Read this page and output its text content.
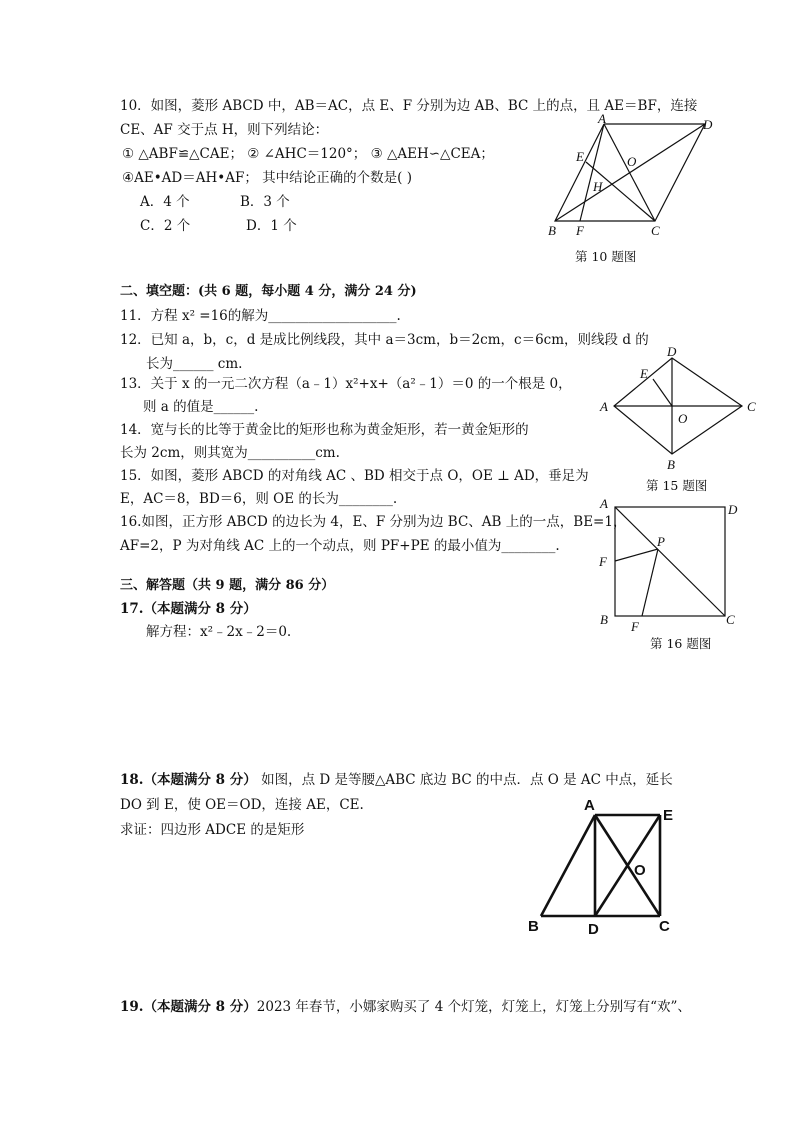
10．如图，菱形 ABCD 中，AB＝AC，点 E、F 分别为边 AB、BC 上的点，且 AE＝BF，连接
CE、AF 交于点 H，则下列结论：
① △ABF≌△CAE； ② ∠AHC＝120°； ③ △AEH∽△CEA；
④AE•AD＝AH•AF； 其中结论正确的个数是( )
A．4 个	B．3 个
C．2 个	D．1 个
A	D
E	O
H
B F	C
第 10 题图
二、填空题：(共 6 题，每小题 4 分，满分 24 分)
11．方程 x² =16的解为___________________.
12．已知 a，b，c，d 是成比例线段，其中 a＝3cm，b＝2cm，c＝6cm，则线段 d 的
长为______ cm.
13．关于 x 的一元二次方程（a﹣1）x²+x+（a²﹣1）＝0 的一个根是 0，
则 a 的值是______.
14．宽与长的比等于黄金比的矩形也称为黄金矩形，若一黄金矩形的
长为 2cm，则其宽为__________cm.
15．如图，菱形 ABCD 的对角线 AC 、BD 相交于点 O，OE ⊥ AD，垂足为
E，AC＝8，BD＝6，则 OE 的长为________.
16.如图，正方形 ABCD 的边长为 4，E、F 分别为边 BC、AB 上的一点，BE=1，
AF=2，P 为对角线 AC 上的一个动点，则 PF+PE 的最小值为________.
D
E
A
O
C
B
第 15 题图
A	D
P
F
B F	C
第 16 题图
三、解答题（共 9 题，满分 86 分）
17.（本题满分 8 分）
解方程：x²﹣2x﹣2＝0.
18.（本题满分 8 分） 如图，点 D 是等腰△ABC 底边 BC 的中点．点 O 是 AC 中点，延长
DO 到 E，使 OE＝OD，连接 AE，CE.
求证：四边形 ADCE 的是矩形
A
E
O
B	D	C
19.（本题满分 8 分）2023 年春节，小娜家购买了 4 个灯笼，灯笼上，灯笼上分别写有“欢”、
